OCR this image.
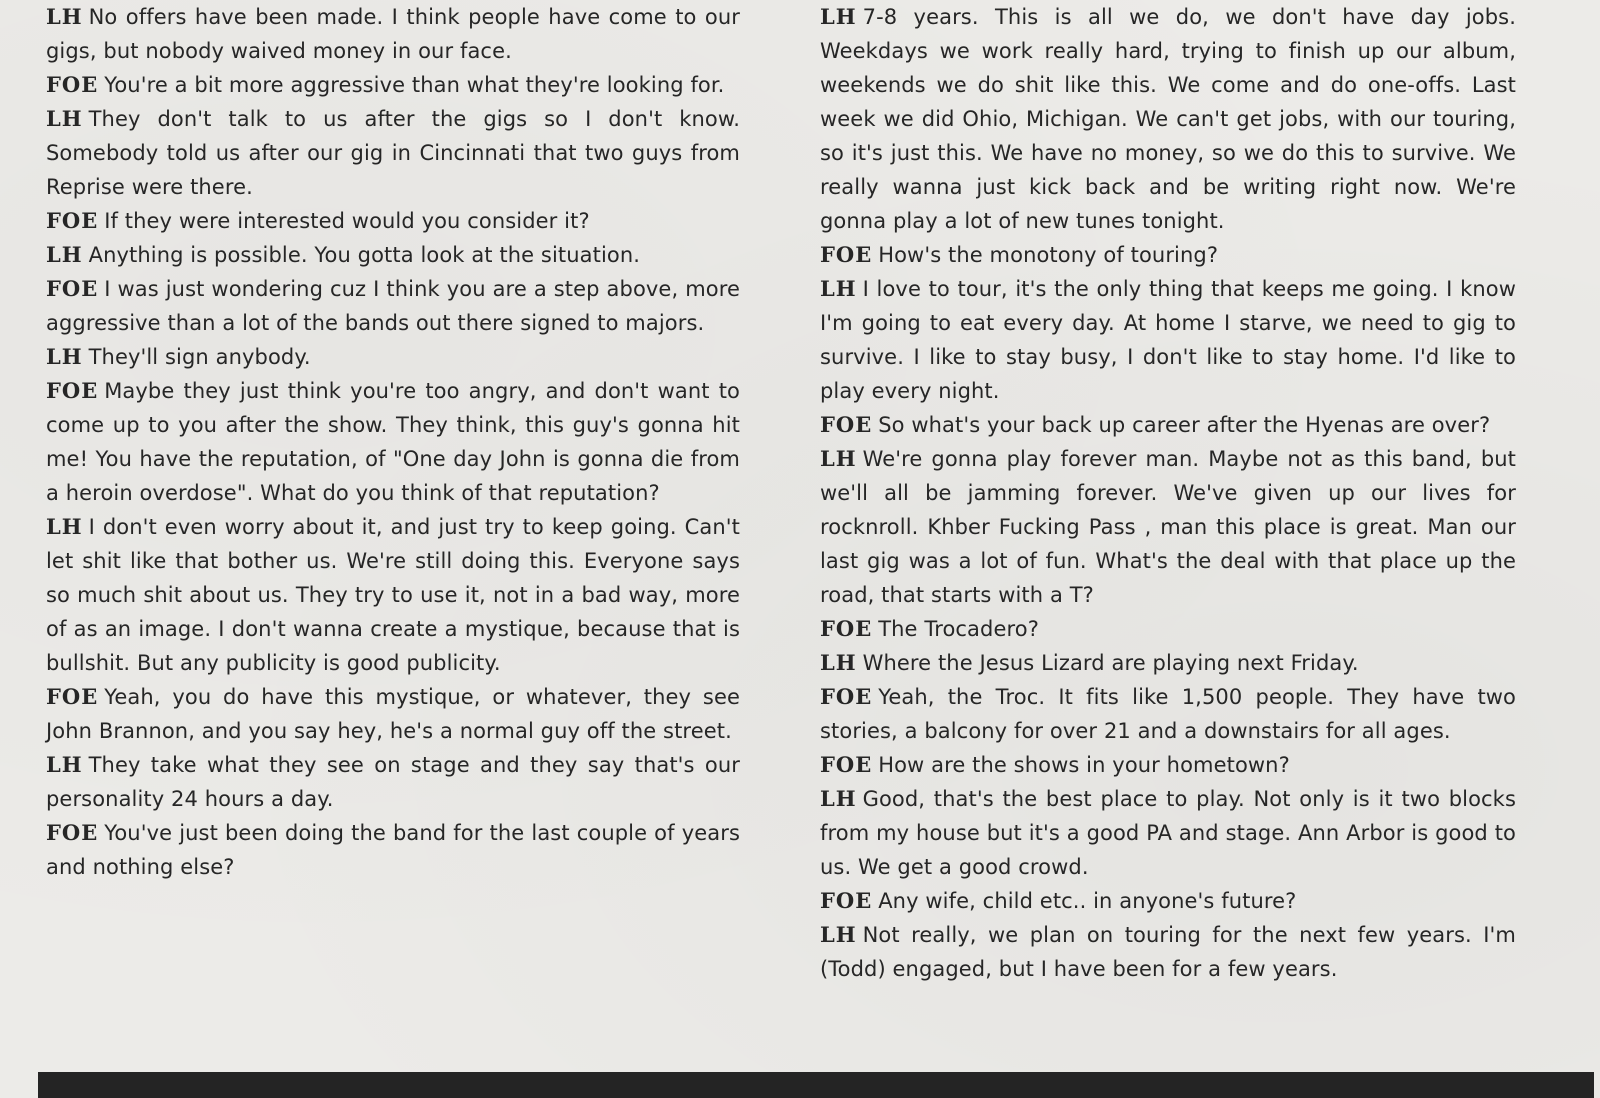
LH No offers have been made. I think people have come to our gigs, but nobody waived money in our face.

FOE You're a bit more aggressive than what they're looking for.

LH They don't talk to us after the gigs so I don't know. Somebody told us after our gig in Cincinnati that two guys from Reprise were there.

FOE If they were interested would you consider it?

LH Anything is possible. You gotta look at the situation.

FOE I was just wondering cuz I think you are a step above, more aggressive than a lot of the bands out there signed to majors.

LH They'll sign anybody.

FOE Maybe they just think you're too angry, and don't want to come up to you after the show. They think, this guy's gonna hit me! You have the reputation, of "One day John is gonna die from a heroin overdose". What do you think of that reputation?

LH I don't even worry about it, and just try to keep going. Can't let shit like that bother us. We're still doing this. Everyone says so much shit about us. They try to use it, not in a bad way, more of as an image. I don't wanna create a mystique, because that is bullshit. But any publicity is good publicity.

FOE Yeah, you do have this mystique, or whatever, they see John Brannon, and you say hey, he's a normal guy off the street.

LH They take what they see on stage and they say that's our personality 24 hours a day.

FOE You've just been doing the band for the last couple of years and nothing else?

LH 7-8 years. This is all we do, we don't have day jobs. Weekdays we work really hard, trying to finish up our album, weekends we do shit like this. We come and do one-offs. Last week we did Ohio, Michigan. We can't get jobs, with our touring, so it's just this. We have no money, so we do this to survive. We really wanna just kick back and be writing right now. We're gonna play a lot of new tunes tonight.

FOE How's the monotony of touring?

LH I love to tour, it's the only thing that keeps me going. I know I'm going to eat every day. At home I starve, we need to gig to survive. I like to stay busy, I don't like to stay home. I'd like to play every night.

FOE So what's your back up career after the Hyenas are over?

LH We're gonna play forever man. Maybe not as this band, but we'll all be jamming forever. We've given up our lives for rocknroll. Khber Fucking Pass , man this place is great. Man our last gig was a lot of fun. What's the deal with that place up the road, that starts with a T?

FOE The Trocadero?

LH Where the Jesus Lizard are playing next Friday.

FOE Yeah, the Troc. It fits like 1,500 people. They have two stories, a balcony for over 21 and a downstairs for all ages.

FOE How are the shows in your hometown?

LH Good, that's the best place to play. Not only is it two blocks from my house but it's a good PA and stage. Ann Arbor is good to us. We get a good crowd.

FOE Any wife, child etc.. in anyone's future?

LH Not really, we plan on touring for the next few years. I'm (Todd) engaged, but I have been for a few years.
